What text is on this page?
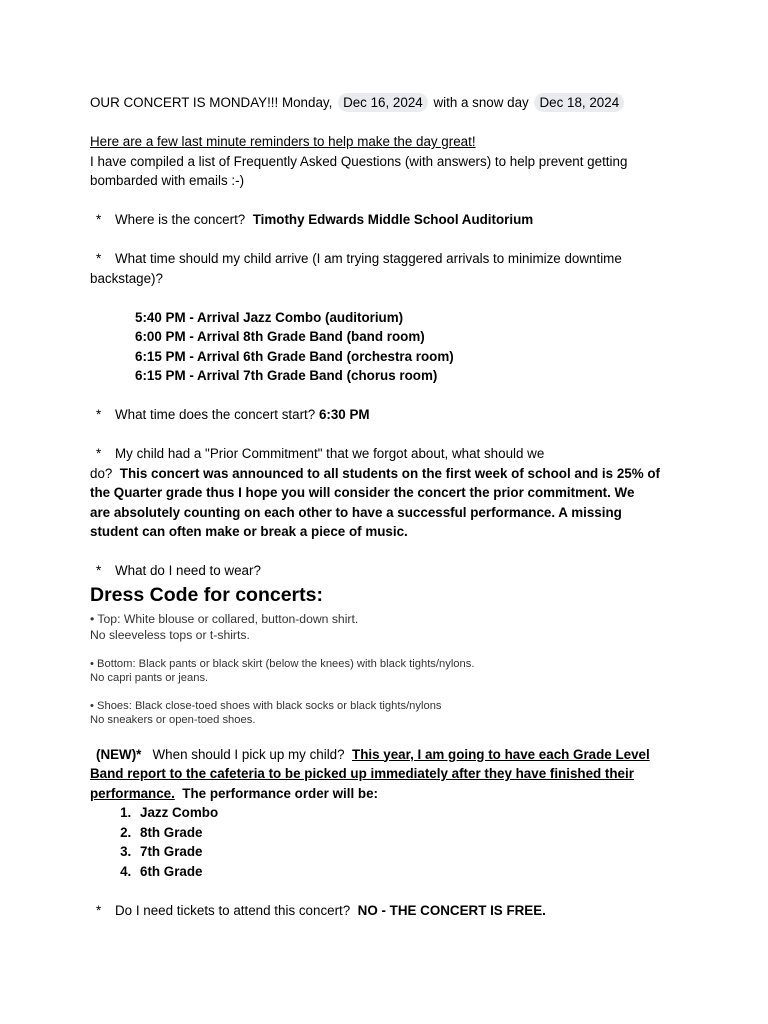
OUR CONCERT IS MONDAY!!! Monday, Dec 16, 2024 with a snow day Dec 18, 2024
Here are a few last minute reminders to help make the day great!
I have compiled a list of Frequently Asked Questions (with answers) to help prevent getting
bombarded with emails :-)
* Where is the concert? Timothy Edwards Middle School Auditorium
* What time should my child arrive (I am trying staggered arrivals to minimize downtime
backstage)?
5:40 PM - Arrival Jazz Combo (auditorium)
6:00 PM - Arrival 8th Grade Band (band room)
6:15 PM - Arrival 6th Grade Band (orchestra room)
6:15 PM - Arrival 7th Grade Band (chorus room)
* What time does the concert start? 6:30 PM
* My child had a "Prior Commitment" that we forgot about, what should we
do? This concert was announced to all students on the first week of school and is 25% of
the Quarter grade thus I hope you will consider the concert the prior commitment. We
are absolutely counting on each other to have a successful performance. A missing
student can often make or break a piece of music.
* What do I need to wear?
Dress Code for concerts:
• Top: White blouse or collared, button-down shirt.
No sleeveless tops or t-shirts.
• Bottom: Black pants or black skirt (below the knees) with black tights/nylons.
No capri pants or jeans.
• Shoes: Black close-toed shoes with black socks or black tights/nylons
No sneakers or open-toed shoes.
(NEW)* When should I pick up my child? This year, I am going to have each Grade Level
Band report to the cafeteria to be picked up immediately after they have finished their
performance. The performance order will be:
1. Jazz Combo
2. 8th Grade
3. 7th Grade
4. 6th Grade
* Do I need tickets to attend this concert? NO - THE CONCERT IS FREE.
